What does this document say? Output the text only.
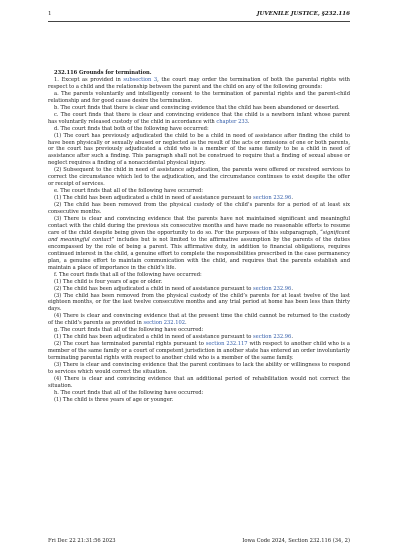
1	JUVENILE JUSTICE, §232.116

232.116 Grounds for termination.

1. Except as provided in subsection 3, the court may order the termination of both the parental rights with respect to a child and the relationship between the parent and the child on any of the following grounds:

a. The parents voluntarily and intelligently consent to the termination of parental rights and the parent-child relationship and for good cause desire the termination.

b. The court finds that there is clear and convincing evidence that the child has been abandoned or deserted.

c. The court finds that there is clear and convincing evidence that the child is a newborn infant whose parent has voluntarily released custody of the child in accordance with chapter 233.

d. The court finds that both of the following have occurred:

(1) The court has previously adjudicated the child to be a child in need of assistance after finding the child to have been physically or sexually abused or neglected as the result of the acts or omissions of one or both parents, or the court has previously adjudicated a child who is a member of the same family to be a child in need of assistance after such a finding. This paragraph shall not be construed to require that a finding of sexual abuse or neglect requires a finding of a nonaccidental physical injury.

(2) Subsequent to the child in need of assistance adjudication, the parents were offered or received services to correct the circumstance which led to the adjudication, and the circumstance continues to exist despite the offer or receipt of services.

e. The court finds that all of the following have occurred:

(1) The child has been adjudicated a child in need of assistance pursuant to section 232.96.

(2) The child has been removed from the physical custody of the child’s parents for a period of at least six consecutive months.

(3) There is clear and convincing evidence that the parents have not maintained significant and meaningful contact with the child during the previous six consecutive months and have made no reasonable efforts to resume care of the child despite being given the opportunity to do so. For the purposes of this subparagraph, “significant and meaningful contact” includes but is not limited to the affirmative assumption by the parents of the duties encompassed by the role of being a parent. This affirmative duty, in addition to financial obligations, requires continued interest in the child, a genuine effort to complete the responsibilities prescribed in the case permanency plan, a genuine effort to maintain communication with the child, and requires that the parents establish and maintain a place of importance in the child’s life.

f. The court finds that all of the following have occurred:

(1) The child is four years of age or older.

(2) The child has been adjudicated a child in need of assistance pursuant to section 232.96.

(3) The child has been removed from the physical custody of the child’s parents for at least twelve of the last eighteen months, or for the last twelve consecutive months and any trial period at home has been less than thirty days.

(4) There is clear and convincing evidence that at the present time the child cannot be returned to the custody of the child’s parents as provided in section 232.102.

g. The court finds that all of the following have occurred:

(1) The child has been adjudicated a child in need of assistance pursuant to section 232.96.

(2) The court has terminated parental rights pursuant to section 232.117 with respect to another child who is a member of the same family or a court of competent jurisdiction in another state has entered an order involuntarily terminating parental rights with respect to another child who is a member of the same family.

(3) There is clear and convincing evidence that the parent continues to lack the ability or willingness to respond to services which would correct the situation.

(4) There is clear and convincing evidence that an additional period of rehabilitation would not correct the situation.

h. The court finds that all of the following have occurred:

(1) The child is three years of age or younger.

Fri Dec 22 21:31:56 2023	Iowa Code 2024, Section 232.116 (34, 2)
